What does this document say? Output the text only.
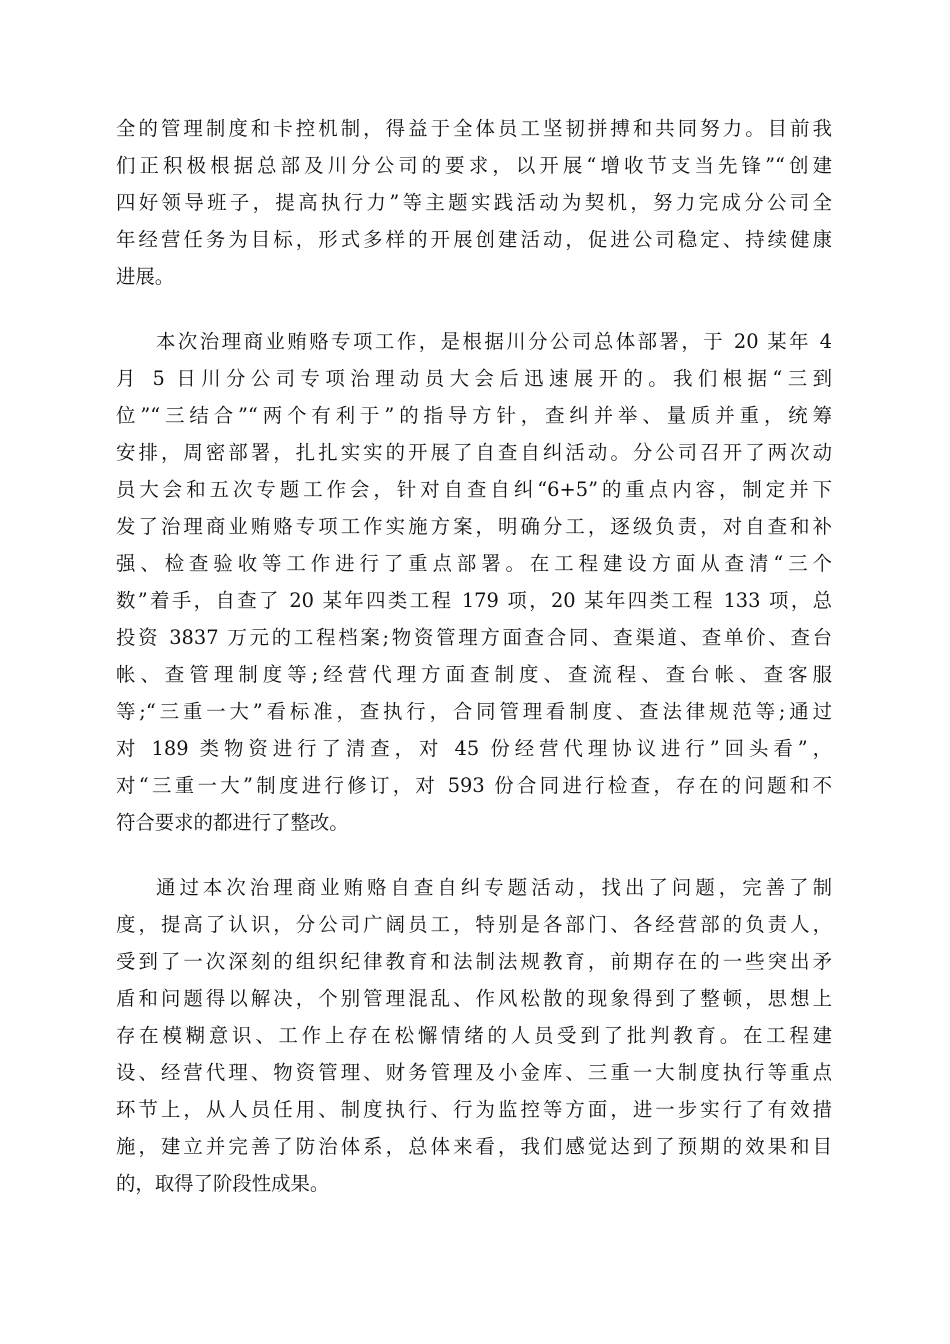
全的管理制度和卡控机制，得益于全体员工坚韧拼搏和共同努力。目前我
们正积极根据总部及川分公司的要求，以开展“增收节支当先锋”“创建
四好领导班子，提高执行力”等主题实践活动为契机，努力完成分公司全
年经营任务为目标，形式多样的开展创建活动，促进公司稳定、持续健康
进展。
本次治理商业贿赂专项工作，是根据川分公司总体部署，于 20 某年 4
月 5 日川分公司专项治理动员大会后迅速展开的。我们根据“三到
位”“三结合”“两个有利于”的指导方针，查纠并举、量质并重，统筹
安排，周密部署，扎扎实实的开展了自查自纠活动。分公司召开了两次动
员大会和五次专题工作会，针对自查自纠“6+5”的重点内容，制定并下
发了治理商业贿赂专项工作实施方案，明确分工，逐级负责，对自查和补
强、检查验收等工作进行了重点部署。在工程建设方面从查清“三个
数”着手，自查了 20 某年四类工程 179 项，20 某年四类工程 133 项，总
投资 3837 万元的工程档案;物资管理方面查合同、查渠道、查单价、查台
帐、查管理制度等;经营代理方面查制度、查流程、查台帐、查客服
等;“三重一大”看标准，查执行，合同管理看制度、查法律规范等;通过
对 189 类物资进行了清查，对 45 份经营代理协议进行”回头看”，
对“三重一大”制度进行修订，对 593 份合同进行检查，存在的问题和不
符合要求的都进行了整改。
通过本次治理商业贿赂自查自纠专题活动，找出了问题，完善了制
度，提高了认识，分公司广阔员工，特别是各部门、各经营部的负责人，
受到了一次深刻的组织纪律教育和法制法规教育，前期存在的一些突出矛
盾和问题得以解决，个别管理混乱、作风松散的现象得到了整顿，思想上
存在模糊意识、工作上存在松懈情绪的人员受到了批判教育。在工程建
设、经营代理、物资管理、财务管理及小金库、三重一大制度执行等重点
环节上，从人员任用、制度执行、行为监控等方面，进一步实行了有效措
施，建立并完善了防治体系，总体来看，我们感觉达到了预期的效果和目
的，取得了阶段性成果。
